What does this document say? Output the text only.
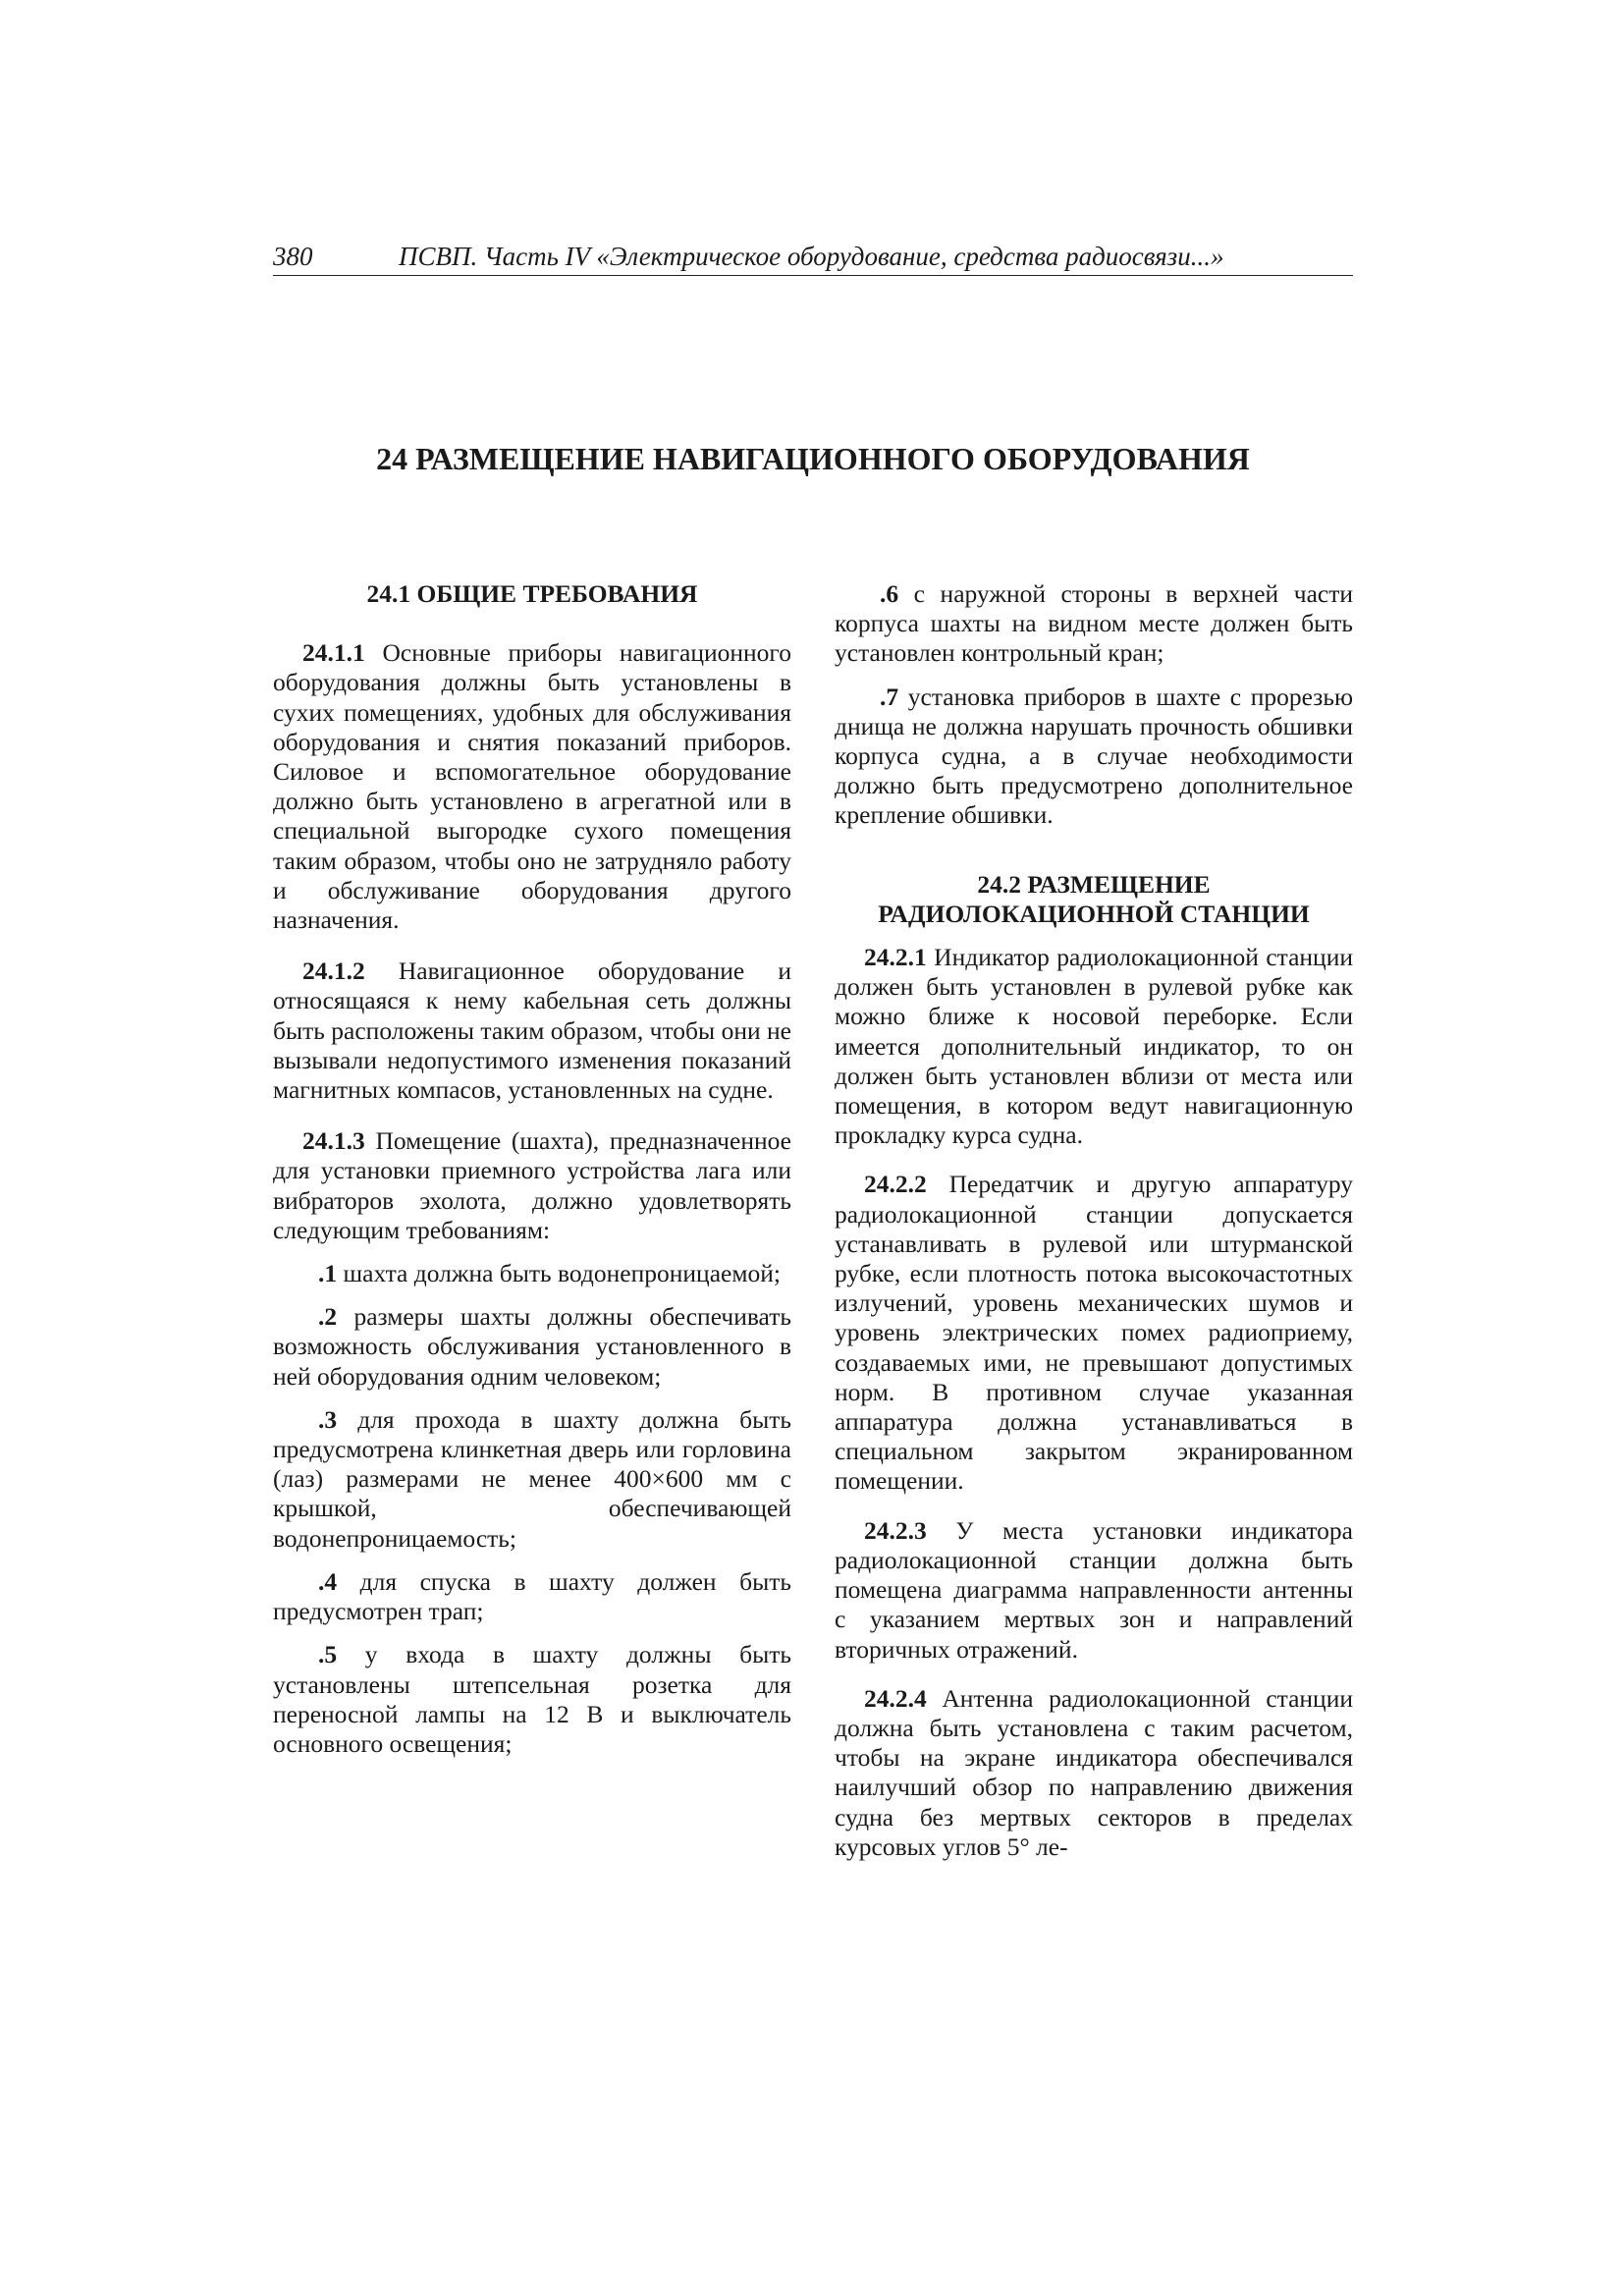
380	ПСВП. Часть IV «Электрическое оборудование, средства радиосвязи...»
24 РАЗМЕЩЕНИЕ НАВИГАЦИОННОГО ОБОРУДОВАНИЯ

24.1 ОБЩИЕ ТРЕБОВАНИЯ

24.1.1 Основные приборы навигационного оборудования должны быть установлены в сухих помещениях, удобных для обслуживания оборудования и снятия показаний приборов. Силовое и вспомогательное оборудование должно быть установлено в агрегатной или в специальной выгородке сухого помещения таким образом, чтобы оно не затрудняло работу и обслуживание оборудования другого назначения.

24.1.2 Навигационное оборудование и относящаяся к нему кабельная сеть должны быть расположены таким образом, чтобы они не вызывали недопустимого изменения показаний магнитных компасов, установленных на судне.

24.1.3 Помещение (шахта), предназначенное для установки приемного устройства лага или вибраторов эхолота, должно удовлетворять следующим требованиям:

.1 шахта должна быть водонепроницаемой;

.2 размеры шахты должны обеспечивать возможность обслуживания установленного в ней оборудования одним человеком;

.3 для прохода в шахту должна быть предусмотрена клинкетная дверь или горловина (лаз) размерами не менее 400×600 мм с крышкой, обеспечивающей водонепроницаемость;

.4 для спуска в шахту должен быть предусмотрен трап;

.5 у входа в шахту должны быть установлены штепсельная розетка для переносной лампы на 12 В и выключатель основного освещения;

.6 с наружной стороны в верхней части корпуса шахты на видном месте должен быть установлен контрольный кран;

.7 установка приборов в шахте с прорезью днища не должна нарушать прочность обшивки корпуса судна, а в случае необходимости должно быть предусмотрено дополнительное крепление обшивки.

24.2 РАЗМЕЩЕНИЕ
РАДИОЛОКАЦИОННОЙ СТАНЦИИ

24.2.1 Индикатор радиолокационной станции должен быть установлен в рулевой рубке как можно ближе к носовой переборке. Если имеется дополнительный индикатор, то он должен быть установлен вблизи от места или помещения, в котором ведут навигационную прокладку курса судна.

24.2.2 Передатчик и другую аппаратуру радиолокационной станции допускается устанавливать в рулевой или штурманской рубке, если плотность потока высокочастотных излучений, уровень механических шумов и уровень электрических помех радиоприему, создаваемых ими, не превышают допустимых норм. В противном случае указанная аппаратура должна устанавливаться в специальном закрытом экранированном помещении.

24.2.3 У места установки индикатора радиолокационной станции должна быть помещена диаграмма направленности антенны с указанием мертвых зон и направлений вторичных отражений.

24.2.4 Антенна радиолокационной станции должна быть установлена с таким расчетом, чтобы на экране индикатора обеспечивался наилучший обзор по направлению движения судна без мертвых секторов в пределах курсовых углов 5° ле-
